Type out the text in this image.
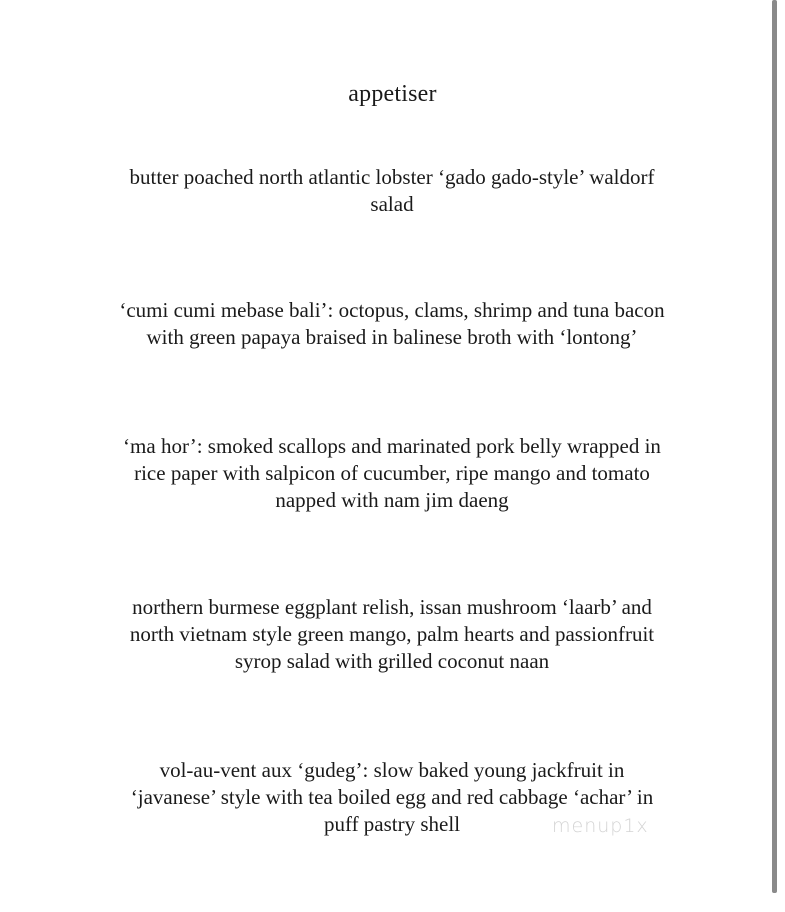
appetiser
butter poached north atlantic lobster ‘gado gado-style’ waldorf
salad
‘cumi cumi mebase bali’: octopus, clams, shrimp and tuna bacon
with green papaya braised in balinese broth with ‘lontong’
‘ma hor’: smoked scallops and marinated pork belly wrapped in
rice paper with salpicon of cucumber, ripe mango and tomato
napped with nam jim daeng
northern burmese eggplant relish, issan mushroom ‘laarb’ and
north vietnam style green mango, palm hearts and passionfruit
syrop salad with grilled coconut naan
vol-au-vent aux ‘gudeg’: slow baked young jackfruit in
‘javanese’ style with tea boiled egg and red cabbage ‘achar’ in
puff pastry shell	menup1x
